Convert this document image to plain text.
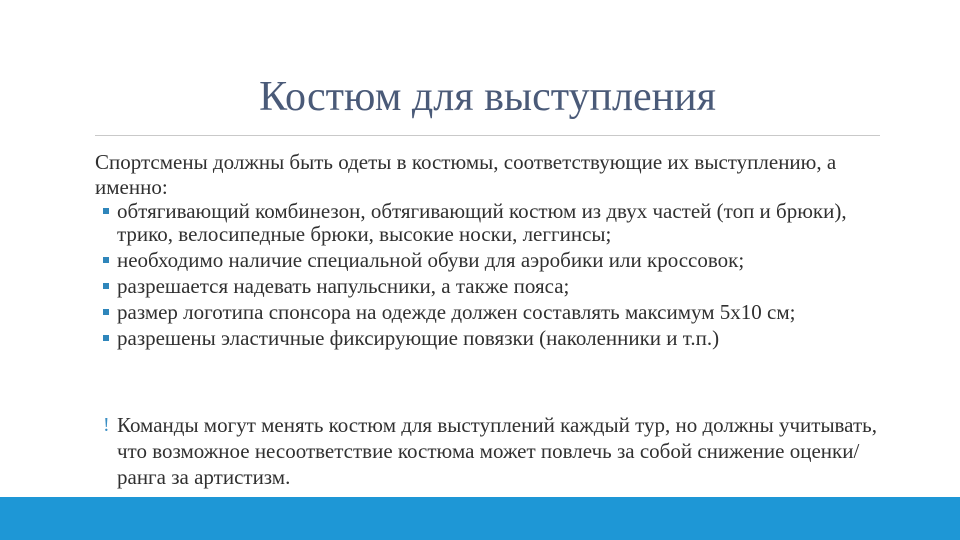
Костюм для выступления

Спортсмены должны быть одеты в костюмы, соответствующие их выступлению, а именно:

обтягивающий комбинезон, обтягивающий костюм из двух частей (топ и брюки), трико, велосипедные брюки, высокие носки, леггинсы;
необходимо наличие специальной обуви для аэробики или кроссовок;
разрешается надевать напульсники, а также пояса;
размер логотипа спонсора на одежде должен составлять максимум 5x10 см;
разрешены эластичные фиксирующие повязки (наколенники и т.п.)
! Команды могут менять костюм для выступлений каждый тур, но должны учитывать, что возможное несоответствие костюма может повлечь за собой снижение оценки/ранга за артистизм.
